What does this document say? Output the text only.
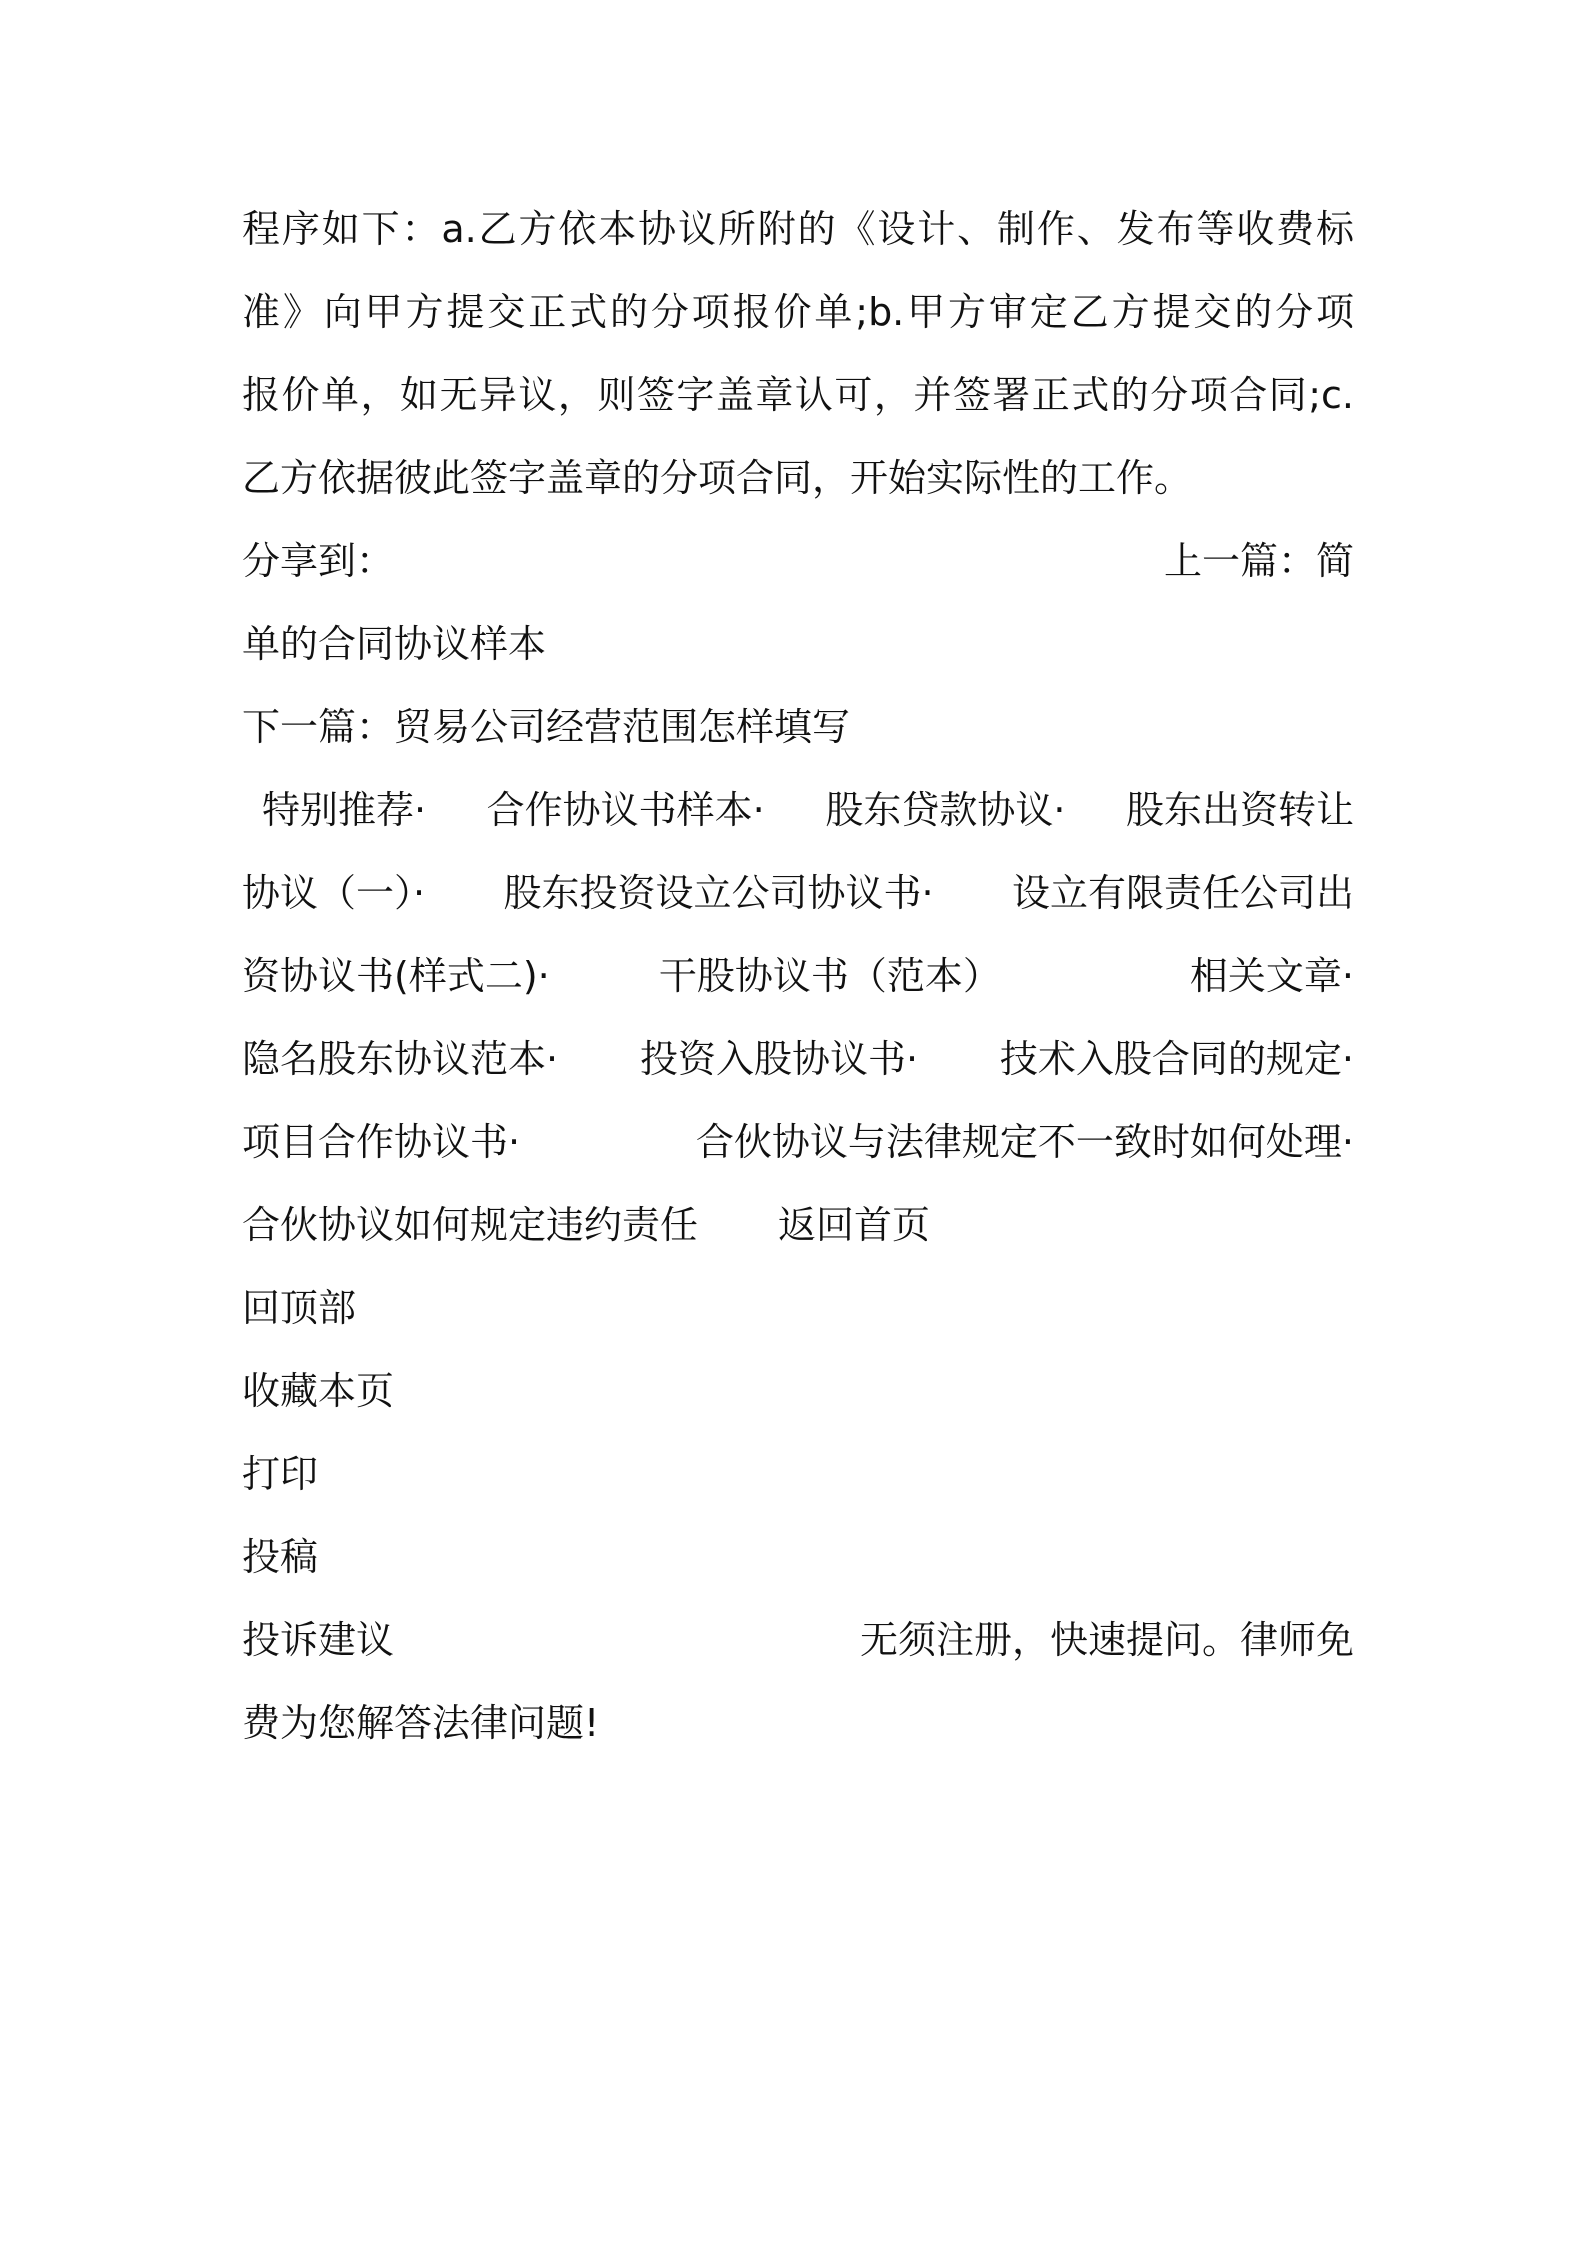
程序如下：a.乙方依本协议所附的《设计、制作、发布等收费标
准》向甲方提交正式的分项报价单;b.甲方审定乙方提交的分项
报价单，如无异议，则签字盖章认可，并签署正式的分项合同;c.
乙方依据彼此签字盖章的分项合同，开始实际性的工作。
分享到：	上一篇：简
单的合同协议样本
下一篇：贸易公司经营范围怎样填写
特别推荐· 合作协议书样本· 股东贷款协议· 股东出资转让
协议（一）· 股东投资设立公司协议书· 设立有限责任公司出
资协议书(样式二)·	干股协议书（范本）	相关文章·
隐名股东协议范本· 投资入股协议书· 技术入股合同的规定·
项目合作协议书·	合伙协议与法律规定不一致时如何处理·
合伙协议如何规定违约责任 返回首页
回顶部
收藏本页
打印
投稿
投诉建议	无须注册，快速提问。律师免
费为您解答法律问题!
